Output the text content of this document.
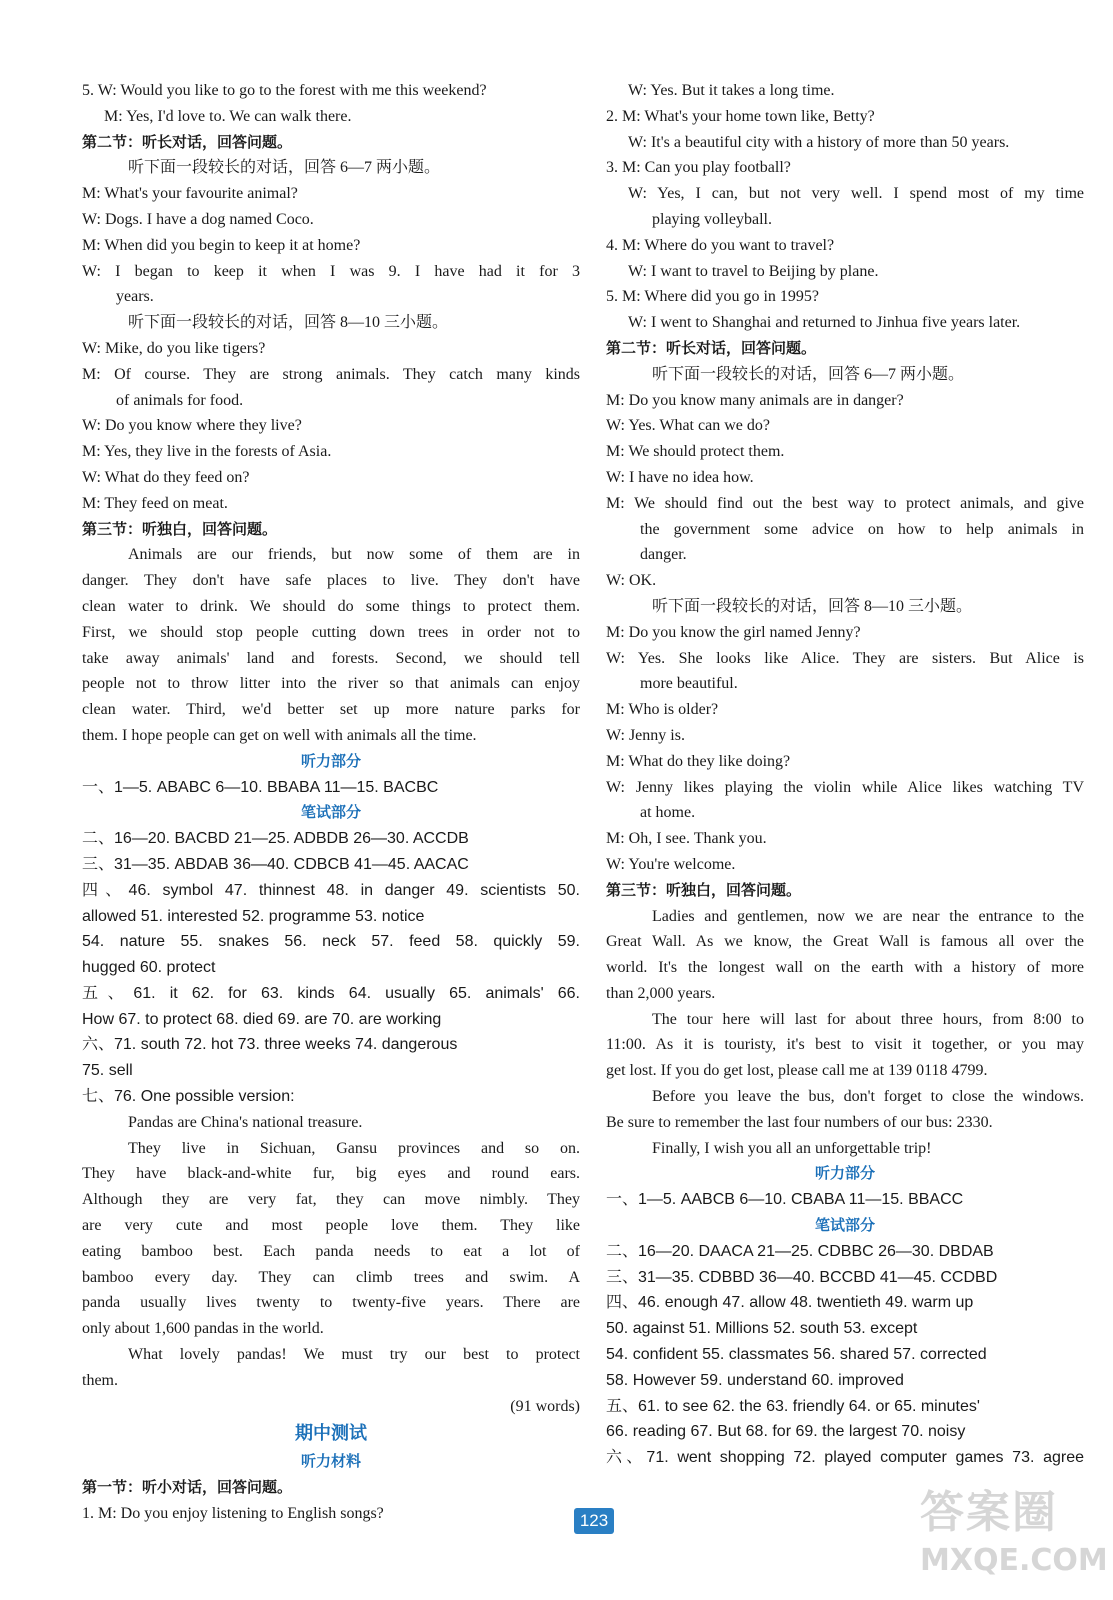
5. W: Would you like to go to the forest with me this weekend?
M: Yes, I'd love to. We can walk there.
第二节：听长对话，回答问题。
听下面一段较长的对话，回答 6—7 两小题。
M: What's your favourite animal?
W: Dogs. I have a dog named Coco.
M: When did you begin to keep it at home?
W: I began to keep it when I was 9. I have had it for 3
years.
听下面一段较长的对话，回答 8—10 三小题。
W: Mike, do you like tigers?
M: Of course. They are strong animals. They catch many kinds
of animals for food.
W: Do you know where they live?
M: Yes, they live in the forests of Asia.
W: What do they feed on?
M: They feed on meat.
第三节：听独白，回答问题。
Animals are our friends, but now some of them are in
danger. They don't have safe places to live. They don't have
clean water to drink. We should do some things to protect them.
First, we should stop people cutting down trees in order not to
take away animals' land and forests. Second, we should tell
people not to throw litter into the river so that animals can enjoy
clean water. Third, we'd better set up more nature parks for
them. I hope people can get on well with animals all the time.
听力部分
一、1—5. ABABC 6—10. BBABA 11—15. BACBC
笔试部分
二、16—20. BACBD 21—25. ADBDB 26—30. ACCDB
三、31—35. ABDAB 36—40. CDBCB 41—45. AACAC
四、46. symbol 47. thinnest 48. in danger 49. scientists 50.
allowed 51. interested 52. programme 53. notice
54. nature 55. snakes 56. neck 57. feed 58. quickly 59.
hugged 60. protect
五、61. it 62. for 63. kinds 64. usually 65. animals' 66.
How 67. to protect 68. died 69. are 70. are working
六、71. south 72. hot 73. three weeks 74. dangerous
75. sell
七、76. One possible version:
Pandas are China's national treasure.
They live in Sichuan, Gansu provinces and so on.
They have black-and-white fur, big eyes and round ears.
Although they are very fat, they can move nimbly. They
are very cute and most people love them. They like
eating bamboo best. Each panda needs to eat a lot of
bamboo every day. They can climb trees and swim. A
panda usually lives twenty to twenty-five years. There are
only about 1,600 pandas in the world.
What lovely pandas! We must try our best to protect
them.
(91 words)
期中测试
听力材料
第一节：听小对话，回答问题。
1. M: Do you enjoy listening to English songs?
W: Yes. But it takes a long time.
2. M: What's your home town like, Betty?
W: It's a beautiful city with a history of more than 50 years.
3. M: Can you play football?
W: Yes, I can, but not very well. I spend most of my time
playing volleyball.
4. M: Where do you want to travel?
W: I want to travel to Beijing by plane.
5. M: Where did you go in 1995?
W: I went to Shanghai and returned to Jinhua five years later.
第二节：听长对话，回答问题。
听下面一段较长的对话，回答 6—7 两小题。
M: Do you know many animals are in danger?
W: Yes. What can we do?
M: We should protect them.
W: I have no idea how.
M: We should find out the best way to protect animals, and give
the government some advice on how to help animals in
danger.
W: OK.
听下面一段较长的对话，回答 8—10 三小题。
M: Do you know the girl named Jenny?
W: Yes. She looks like Alice. They are sisters. But Alice is
more beautiful.
M: Who is older?
W: Jenny is.
M: What do they like doing?
W: Jenny likes playing the violin while Alice likes watching TV
at home.
M: Oh, I see. Thank you.
W: You're welcome.
第三节：听独白，回答问题。
Ladies and gentlemen, now we are near the entrance to the
Great Wall. As we know, the Great Wall is famous all over the
world. It's the longest wall on the earth with a history of more
than 2,000 years.
The tour here will last for about three hours, from 8:00 to
11:00. As it is touristy, it's best to visit it together, or you may
get lost. If you do get lost, please call me at 139 0118 4799.
Before you leave the bus, don't forget to close the windows.
Be sure to remember the last four numbers of our bus: 2330.
Finally, I wish you all an unforgettable trip!
听力部分
一、1—5. AABCB 6—10. CBABA 11—15. BBACC
笔试部分
二、16—20. DAACA 21—25. CDBBC 26—30. DBDAB
三、31—35. CDBBD 36—40. BCCBD 41—45. CCDBD
四、46. enough 47. allow 48. twentieth 49. warm up
50. against 51. Millions 52. south 53. except
54. confident 55. classmates 56. shared 57. corrected
58. However 59. understand 60. improved
五、61. to see 62. the 63. friendly 64. or 65. minutes'
66. reading 67. But 68. for 69. the largest 70. noisy
六、71. went shopping 72. played computer games 73. agree
123	答案圈
MXQE.COM
